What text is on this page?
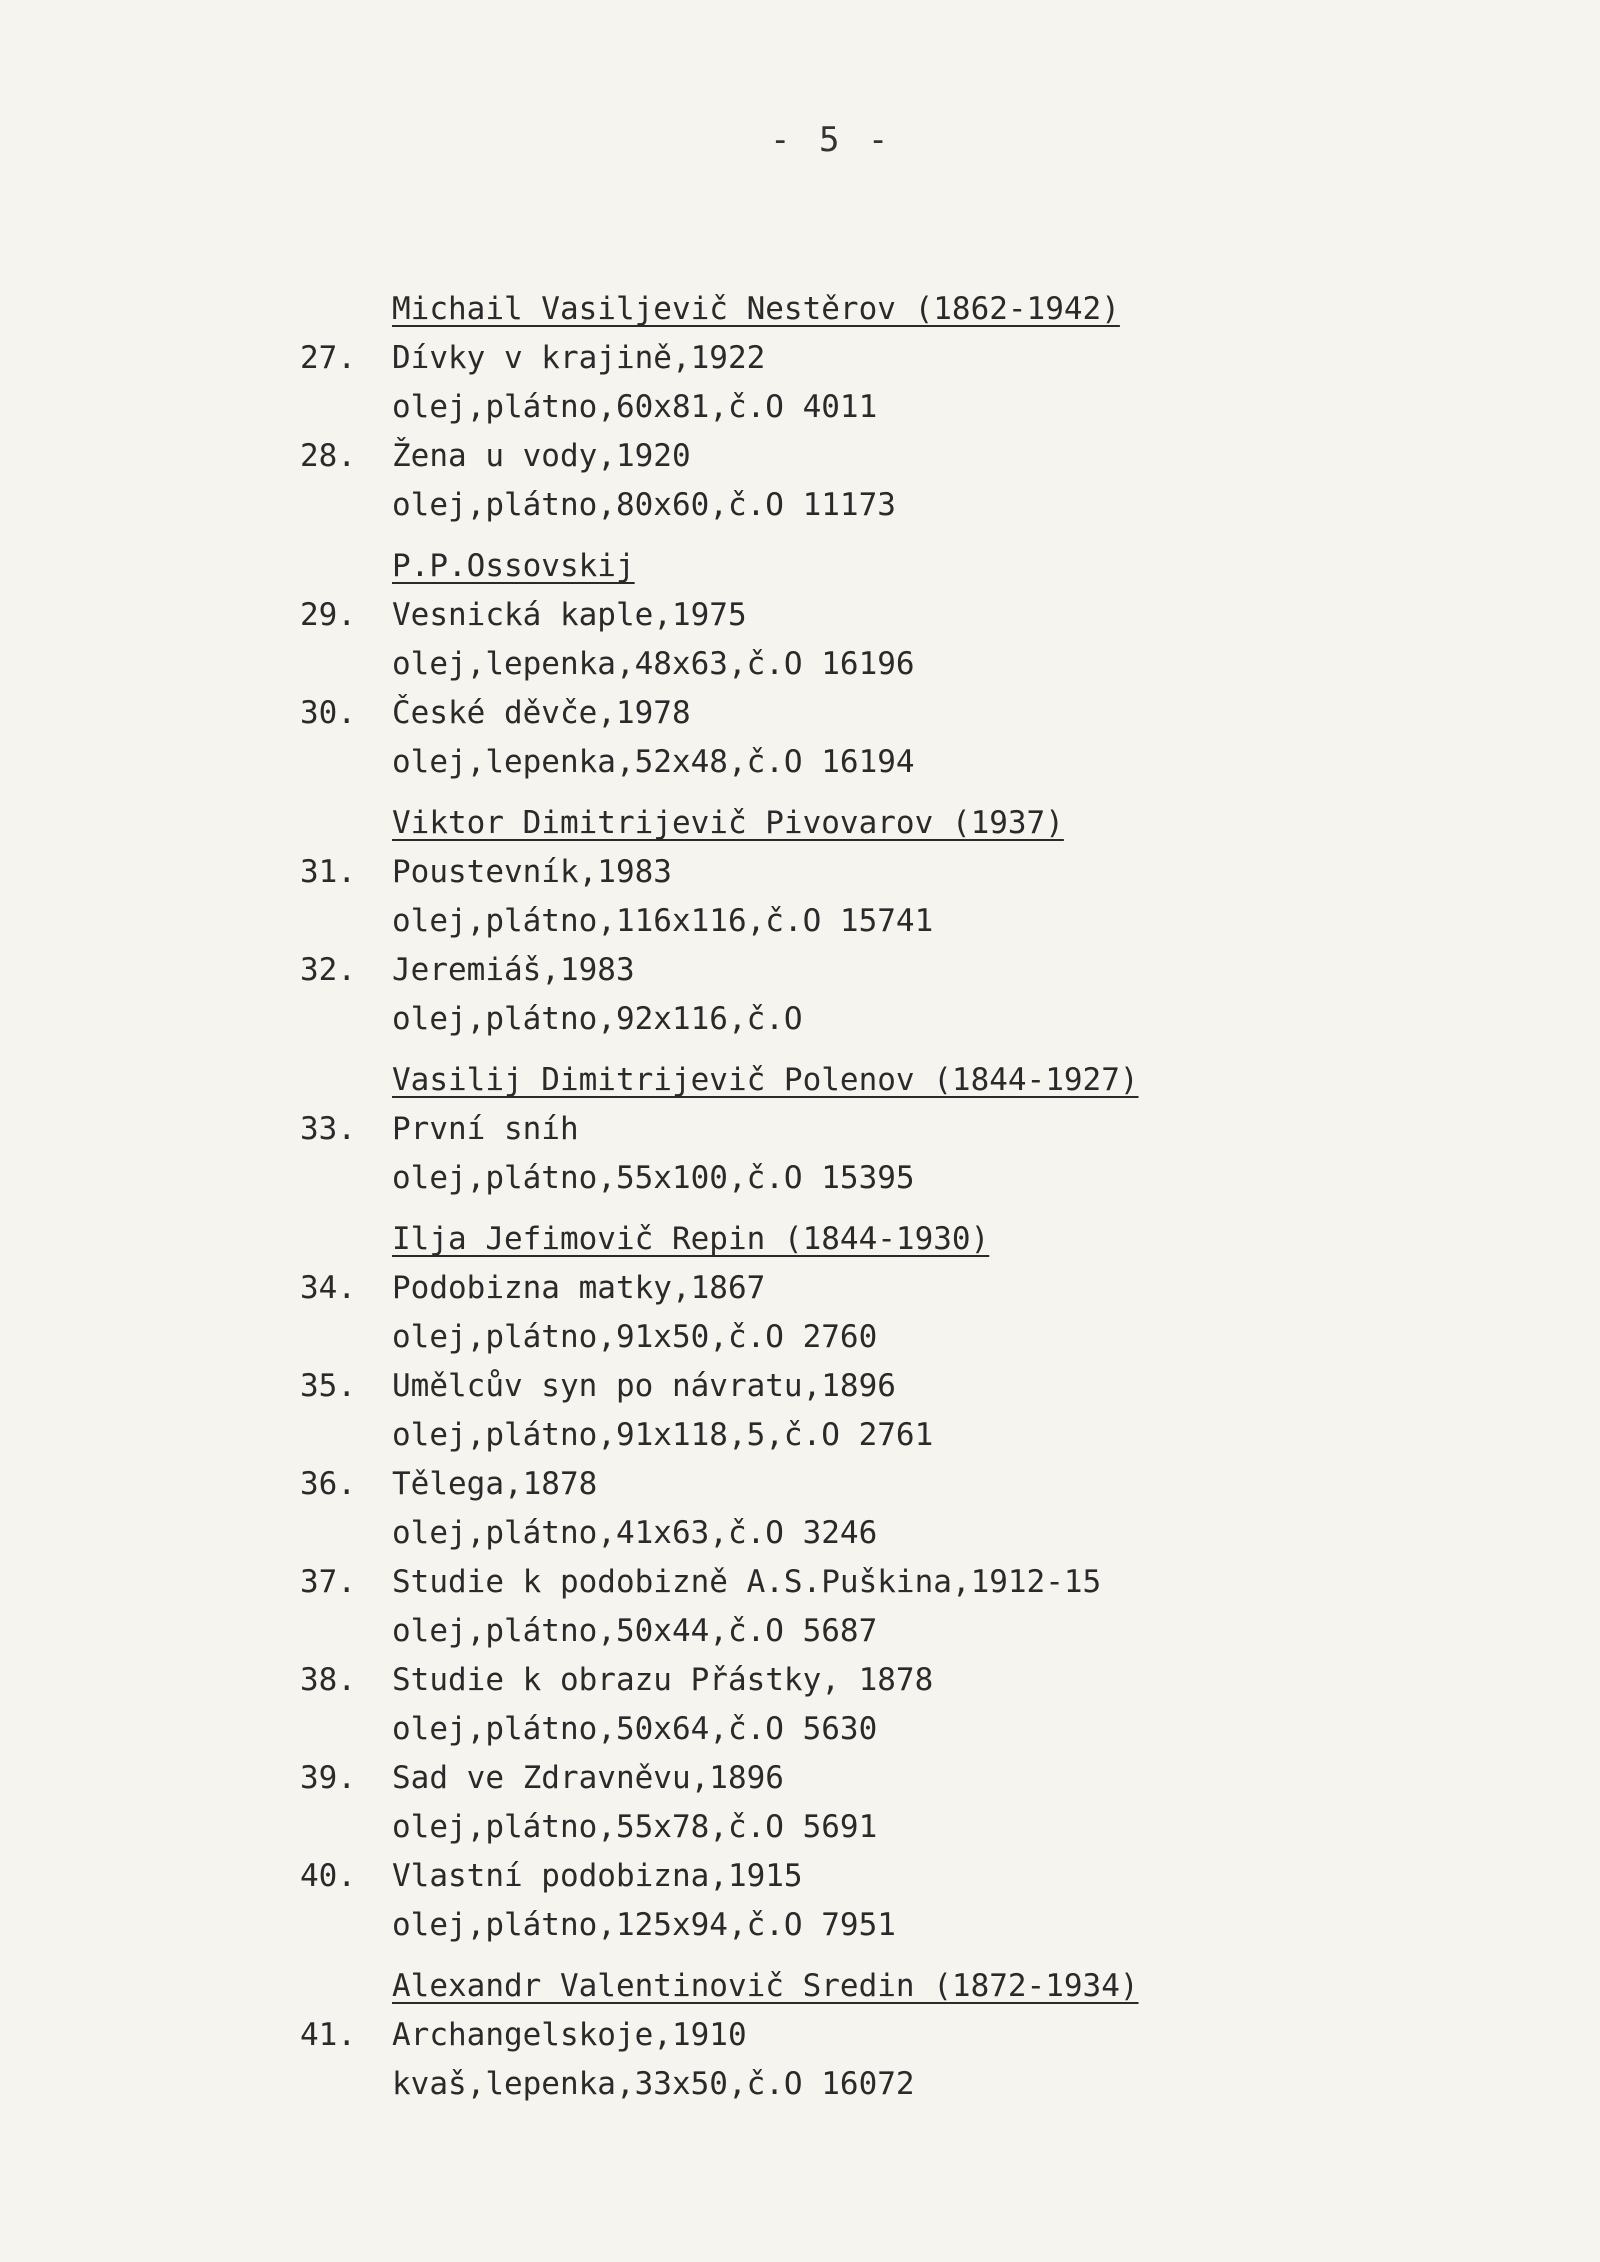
- 5 -
Michail Vasiljevič Nestěrov (1862-1942)
27. Dívky v krajině,1922
olej,plátno,60x81,č.O 4011
28. Žena u vody,1920
olej,plátno,80x60,č.O 11173
P.P.Ossovskij
29. Vesnická kaple,1975
olej,lepenka,48x63,č.O 16196
30. České děvče,1978
olej,lepenka,52x48,č.O 16194
Viktor Dimitrijevič Pivovarov (1937)
31. Poustevník,1983
olej,plátno,116x116,č.O 15741
32. Jeremiáš,1983
olej,plátno,92x116,č.O
Vasilij Dimitrijevič Polenov (1844-1927)
33. První sníh
olej,plátno,55x100,č.O 15395
Ilja Jefimovič Repin (1844-1930)
34. Podobizna matky,1867
olej,plátno,91x50,č.O 2760
35. Umělcův syn po návratu,1896
olej,plátno,91x118,5,č.O 2761
36. Tělega,1878
olej,plátno,41x63,č.O 3246
37. Studie k podobizně A.S.Puškina,1912-15
olej,plátno,50x44,č.O 5687
38. Studie k obrazu Přástky, 1878
olej,plátno,50x64,č.O 5630
39. Sad ve Zdravněvu,1896
olej,plátno,55x78,č.O 5691
40. Vlastní podobizna,1915
olej,plátno,125x94,č.O 7951
Alexandr Valentinovič Sredin (1872-1934)
41. Archangelskoje,1910
kvaš,lepenka,33x50,č.O 16072
